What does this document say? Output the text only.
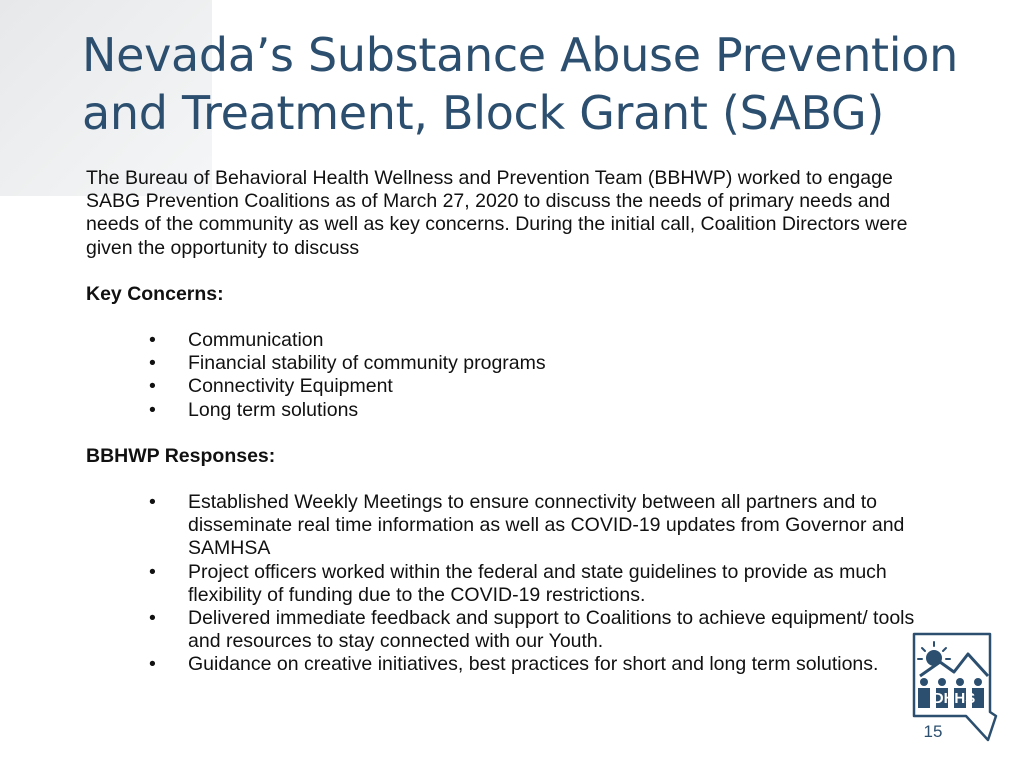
Nevada’s Substance Abuse Prevention and Treatment, Block Grant (SABG)

The Bureau of Behavioral Health Wellness and Prevention Team (BBHWP) worked to engage SABG Prevention Coalitions as of March 27, 2020 to discuss the needs of primary needs and needs of the community as well as key concerns. During the initial call, Coalition Directors were given the opportunity to discuss

Key Concerns:

•	Communication
•	Financial stability of community programs
•	Connectivity Equipment
•	Long term solutions

BBHWP Responses:

•	Established Weekly Meetings to ensure connectivity between all partners and to disseminate real time information as well as COVID-19 updates from Governor and SAMHSA
•	Project officers worked within the federal and state guidelines to provide as much flexibility of funding due to the COVID-19 restrictions.
•	Delivered immediate feedback and support to Coalitions to achieve equipment/ tools and resources to stay connected with our Youth.
•	Guidance on creative initiatives, best practices for short and long term solutions.
DHHS
15
